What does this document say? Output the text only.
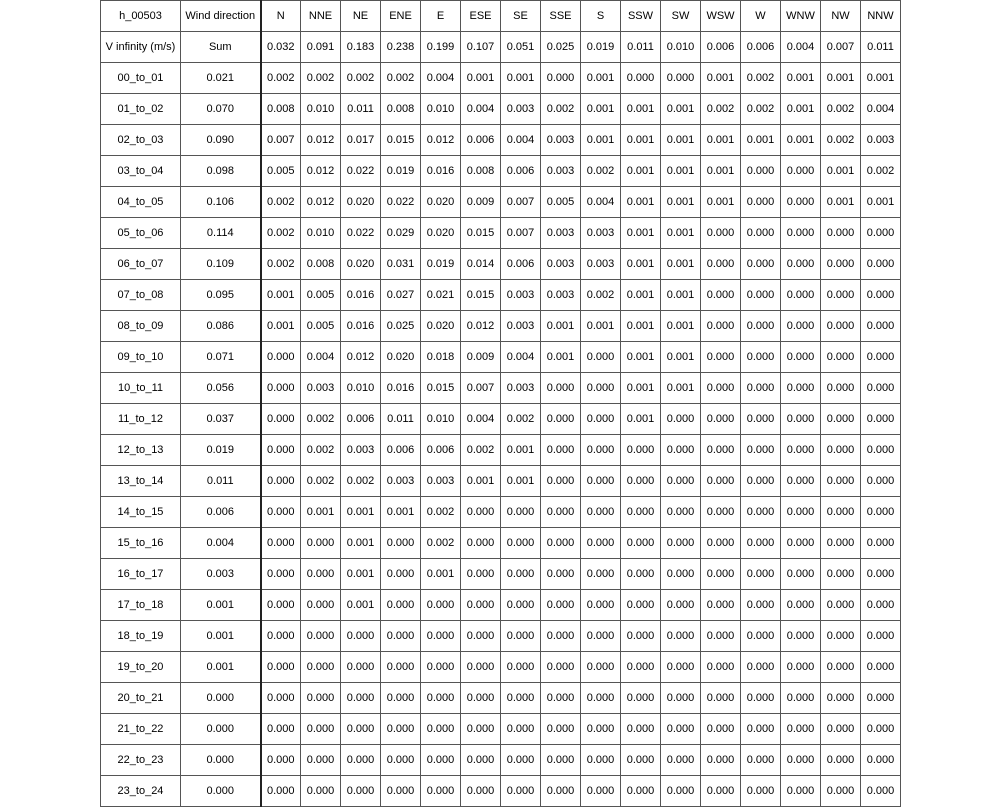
h_00503	Wind direction	N	NNE	NE	ENE	E	ESE	SE	SSE	S	SSW	SW	WSW	W	WNW	NW	NNW
V infinity (m/s)	Sum	0.032	0.091	0.183	0.238	0.199	0.107	0.051	0.025	0.019	0.011	0.010	0.006	0.006	0.004	0.007	0.011
00_to_01	0.021	0.002	0.002	0.002	0.002	0.004	0.001	0.001	0.000	0.001	0.000	0.000	0.001	0.002	0.001	0.001	0.001
01_to_02	0.070	0.008	0.010	0.011	0.008	0.010	0.004	0.003	0.002	0.001	0.001	0.001	0.002	0.002	0.001	0.002	0.004
02_to_03	0.090	0.007	0.012	0.017	0.015	0.012	0.006	0.004	0.003	0.001	0.001	0.001	0.001	0.001	0.001	0.002	0.003
03_to_04	0.098	0.005	0.012	0.022	0.019	0.016	0.008	0.006	0.003	0.002	0.001	0.001	0.001	0.000	0.000	0.001	0.002
04_to_05	0.106	0.002	0.012	0.020	0.022	0.020	0.009	0.007	0.005	0.004	0.001	0.001	0.001	0.000	0.000	0.001	0.001
05_to_06	0.114	0.002	0.010	0.022	0.029	0.020	0.015	0.007	0.003	0.003	0.001	0.001	0.000	0.000	0.000	0.000	0.000
06_to_07	0.109	0.002	0.008	0.020	0.031	0.019	0.014	0.006	0.003	0.003	0.001	0.001	0.000	0.000	0.000	0.000	0.000
07_to_08	0.095	0.001	0.005	0.016	0.027	0.021	0.015	0.003	0.003	0.002	0.001	0.001	0.000	0.000	0.000	0.000	0.000
08_to_09	0.086	0.001	0.005	0.016	0.025	0.020	0.012	0.003	0.001	0.001	0.001	0.001	0.000	0.000	0.000	0.000	0.000
09_to_10	0.071	0.000	0.004	0.012	0.020	0.018	0.009	0.004	0.001	0.000	0.001	0.001	0.000	0.000	0.000	0.000	0.000
10_to_11	0.056	0.000	0.003	0.010	0.016	0.015	0.007	0.003	0.000	0.000	0.001	0.001	0.000	0.000	0.000	0.000	0.000
11_to_12	0.037	0.000	0.002	0.006	0.011	0.010	0.004	0.002	0.000	0.000	0.001	0.000	0.000	0.000	0.000	0.000	0.000
12_to_13	0.019	0.000	0.002	0.003	0.006	0.006	0.002	0.001	0.000	0.000	0.000	0.000	0.000	0.000	0.000	0.000	0.000
13_to_14	0.011	0.000	0.002	0.002	0.003	0.003	0.001	0.001	0.000	0.000	0.000	0.000	0.000	0.000	0.000	0.000	0.000
14_to_15	0.006	0.000	0.001	0.001	0.001	0.002	0.000	0.000	0.000	0.000	0.000	0.000	0.000	0.000	0.000	0.000	0.000
15_to_16	0.004	0.000	0.000	0.001	0.000	0.002	0.000	0.000	0.000	0.000	0.000	0.000	0.000	0.000	0.000	0.000	0.000
16_to_17	0.003	0.000	0.000	0.001	0.000	0.001	0.000	0.000	0.000	0.000	0.000	0.000	0.000	0.000	0.000	0.000	0.000
17_to_18	0.001	0.000	0.000	0.001	0.000	0.000	0.000	0.000	0.000	0.000	0.000	0.000	0.000	0.000	0.000	0.000	0.000
18_to_19	0.001	0.000	0.000	0.000	0.000	0.000	0.000	0.000	0.000	0.000	0.000	0.000	0.000	0.000	0.000	0.000	0.000
19_to_20	0.001	0.000	0.000	0.000	0.000	0.000	0.000	0.000	0.000	0.000	0.000	0.000	0.000	0.000	0.000	0.000	0.000
20_to_21	0.000	0.000	0.000	0.000	0.000	0.000	0.000	0.000	0.000	0.000	0.000	0.000	0.000	0.000	0.000	0.000	0.000
21_to_22	0.000	0.000	0.000	0.000	0.000	0.000	0.000	0.000	0.000	0.000	0.000	0.000	0.000	0.000	0.000	0.000	0.000
22_to_23	0.000	0.000	0.000	0.000	0.000	0.000	0.000	0.000	0.000	0.000	0.000	0.000	0.000	0.000	0.000	0.000	0.000
23_to_24	0.000	0.000	0.000	0.000	0.000	0.000	0.000	0.000	0.000	0.000	0.000	0.000	0.000	0.000	0.000	0.000	0.000
